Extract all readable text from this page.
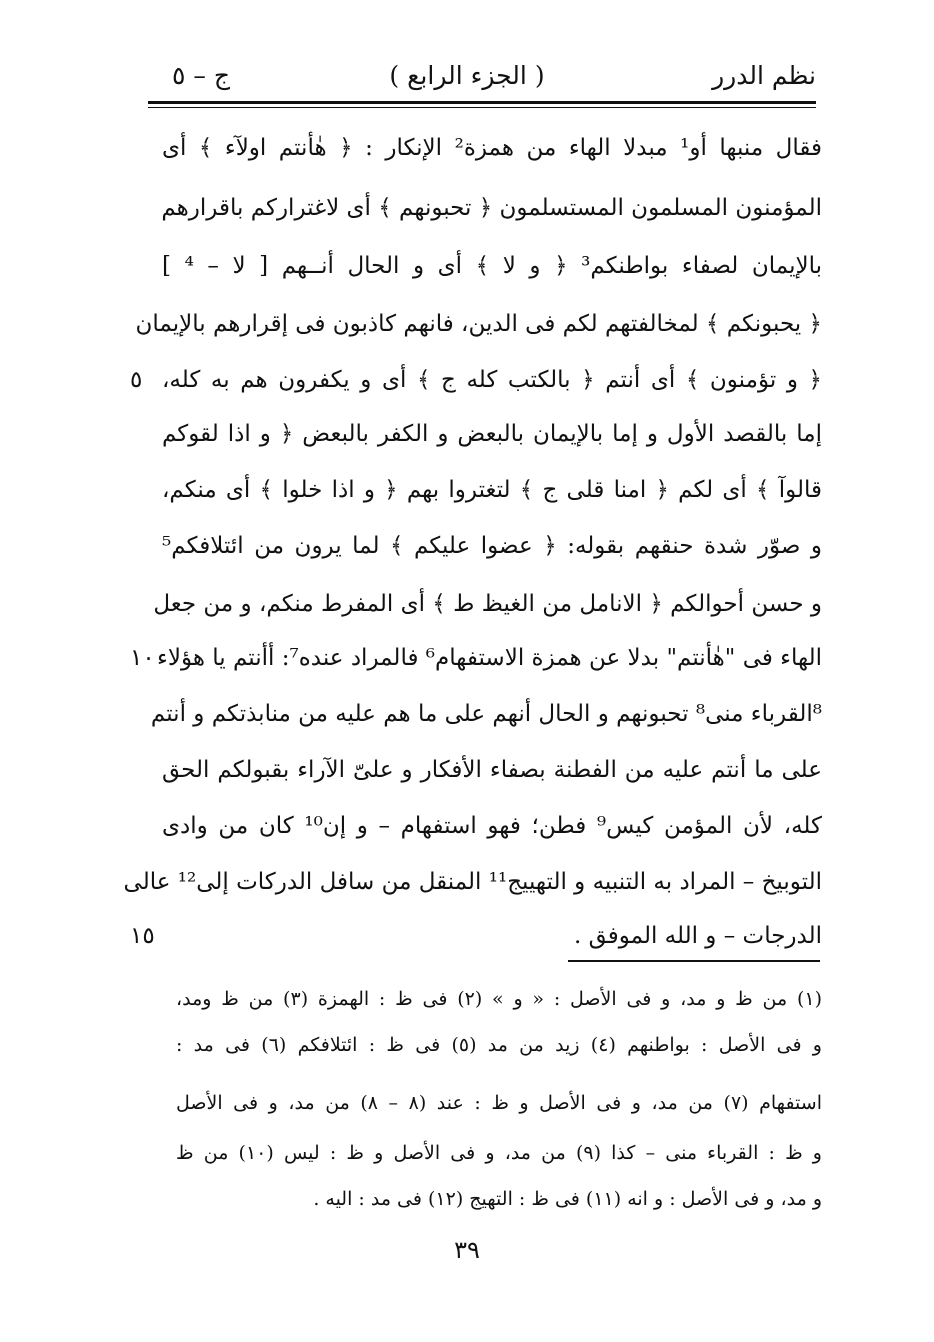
نظم الدرر
( الجزء الرابع )
ج – ٥
فقال منبها أو¹ مبدلا الهاء من همزة² الإنكار : ﴿ هٰأنتم اولآء ﴾ أى
المؤمنون المسلمون المستسلمون ﴿ تحبونهم ﴾ أى لاغتراركم باقرارهم
بالإيمان لصفاء بواطنكم³ ﴿ و لا ﴾ أى و الحال أنــهم [ لا – ⁴ ]
﴿ يحبونكم ﴾ لمخالفتهم لكم فى الدين، فانهم كاذبون فى إقرارهم بالإيمان
﴿ و تؤمنون ﴾ أى أنتم ﴿ بالكتب كله ج ﴾ أى و يكفرون هم به كله،
إما بالقصد الأول و إما بالإيمان بالبعض و الكفر بالبعض ﴿ و اذا لقوكم
قالوآ ﴾ أى لكم ﴿ امنا قلى ج ﴾ لتغتروا بهم ﴿ و اذا خلوا ﴾ أى منكم،
و صوّر شدة حنقهم بقوله: ﴿ عضوا عليكم ﴾ لما يرون من ائتلافكم⁵
و حسن أحوالكم ﴿ الانامل من الغيظ ط ﴾ أى المفرط منكم، و من جعل
الهاء فى "هٰأنتم" بدلا عن همزة الاستفهام⁶ فالمراد عنده⁷: أأنتم يا هؤلاء
⁸القرباء منى⁸ تحبونهم و الحال أنهم على ما هم عليه من منابذتكم و أنتم
على ما أنتم عليه من الفطنة بصفاء الأفكار و علىّ الآراء بقبولكم الحق
كله، لأن المؤمن كيس⁹ فطن؛ فهو استفهام – و إن¹⁰ كان من وادى
التوبيخ – المراد به التنبيه و التهييج¹¹ المنقل من سافل الدركات إلى¹² عالى
الدرجات – و الله الموفق .
٥
١٠
١٥
(١) من ظ و مد، و فى الأصل : « و » (٢) فى ظ : الهمزة (٣) من ظ ومد،
و فى الأصل : بواطنهم (٤) زيد من مد (٥) فى ظ : ائتلافكم (٦) فى مد :
استفهام (٧) من مد، و فى الأصل و ظ : عند (٨ – ٨) من مد، و فى الأصل
و ظ : القرباء منى – كذا (٩) من مد، و فى الأصل و ظ : ليس (١٠) من ظ
و مد، و فى الأصل : و انه (١١) فى ظ : التهيج (١٢) فى مد : اليه .
٣٩
